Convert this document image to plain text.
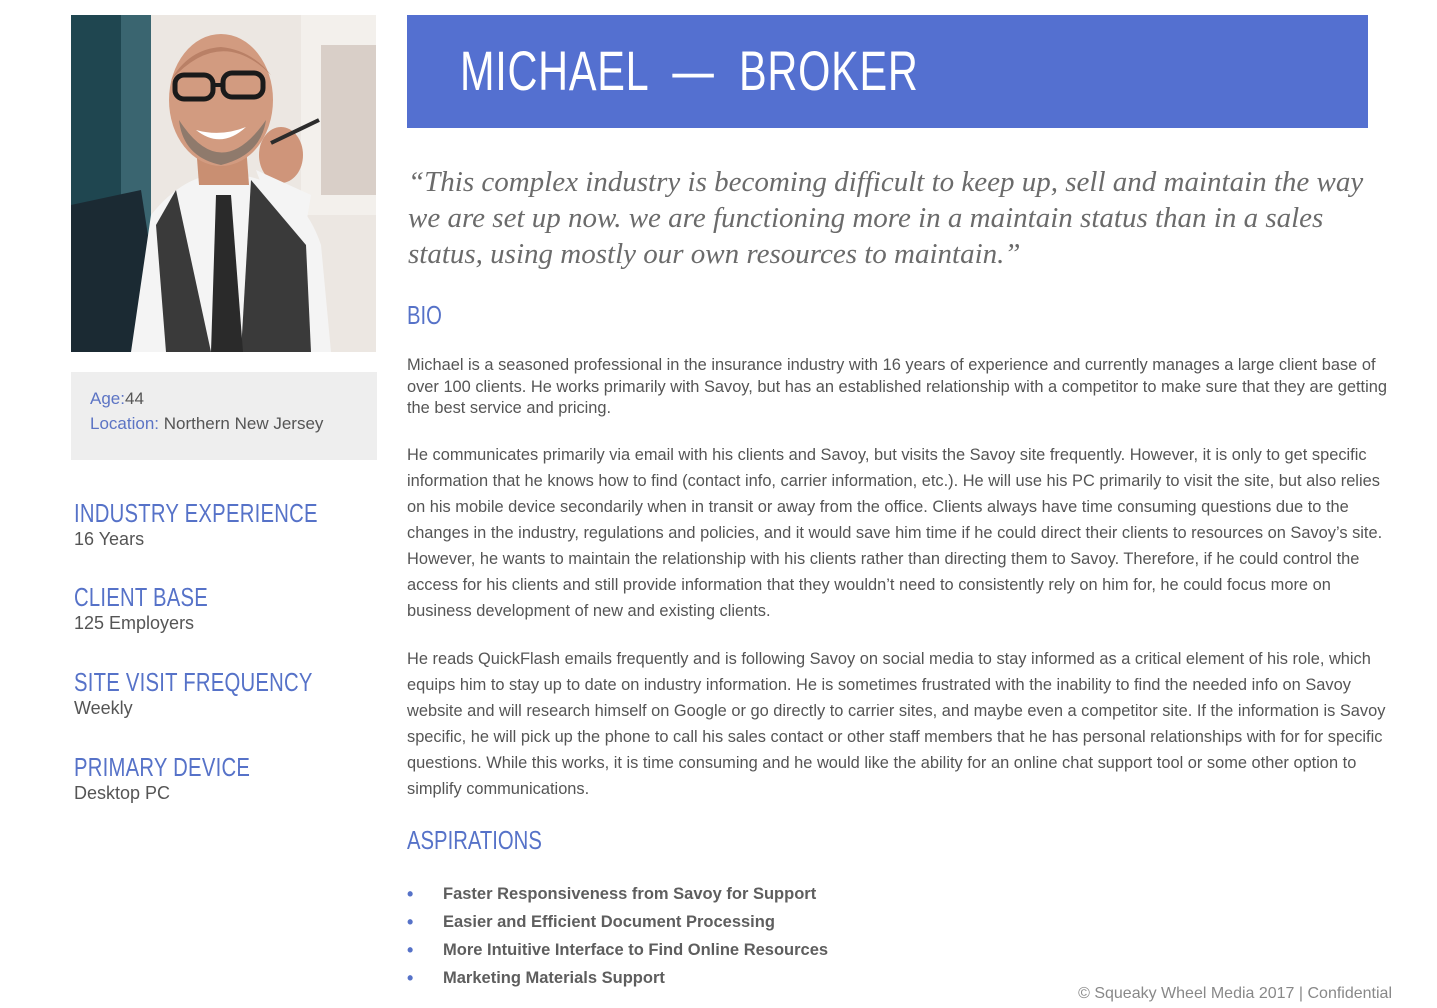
Age:44
Location: Northern New Jersey
INDUSTRY EXPERIENCE
16 Years
CLIENT BASE
125 Employers
SITE VISIT FREQUENCY
Weekly
PRIMARY DEVICE
Desktop PC
MICHAEL  —  BROKER
“This complex industry is becoming difficult to keep up, sell and maintain the way we are set up now. we are functioning more in a maintain status than in a sales status, using mostly our own resources to maintain.”
BIO

Michael is a seasoned professional in the insurance industry with 16 years of experience and currently manages a large client base of over 100 clients. He works primarily with Savoy, but has an established relationship with a competitor to make sure that they are getting the best service and pricing.

He communicates primarily via email with his clients and Savoy, but visits the Savoy site frequently. However, it is only to get specific information that he knows how to find (contact info, carrier information, etc.). He will use his PC primarily to visit the site, but also relies on his mobile device secondarily when in transit or away from the office. Clients always have time consuming questions due to the changes in the industry, regulations and policies, and it would save him time if he could direct their clients to resources on Savoy’s site. However, he wants to maintain the relationship with his clients rather than directing them to Savoy. Therefore, if he could control the access for his clients and still provide information that they wouldn’t need to consistently rely on him for, he could focus more on business development of new and existing clients.

He reads QuickFlash emails frequently and is following Savoy on social media to stay informed as a critical element of his role, which equips him to stay up to date on industry information. He is sometimes frustrated with the inability to find the needed info on Savoy website and will research himself on Google or go directly to carrier sites, and maybe even a competitor site. If the information is Savoy specific, he will pick up the phone to call his sales contact or other staff members that he has personal relationships with for for specific questions. While this works, it is time consuming and he would like the ability for an online chat support tool or some other option to simplify communications.

ASPIRATIONS
• Faster Responsiveness from Savoy for Support
• Easier and Efficient Document Processing
• More Intuitive Interface to Find Online Resources
• Marketing Materials Support
© Squeaky Wheel Media 2017 | Confidential
